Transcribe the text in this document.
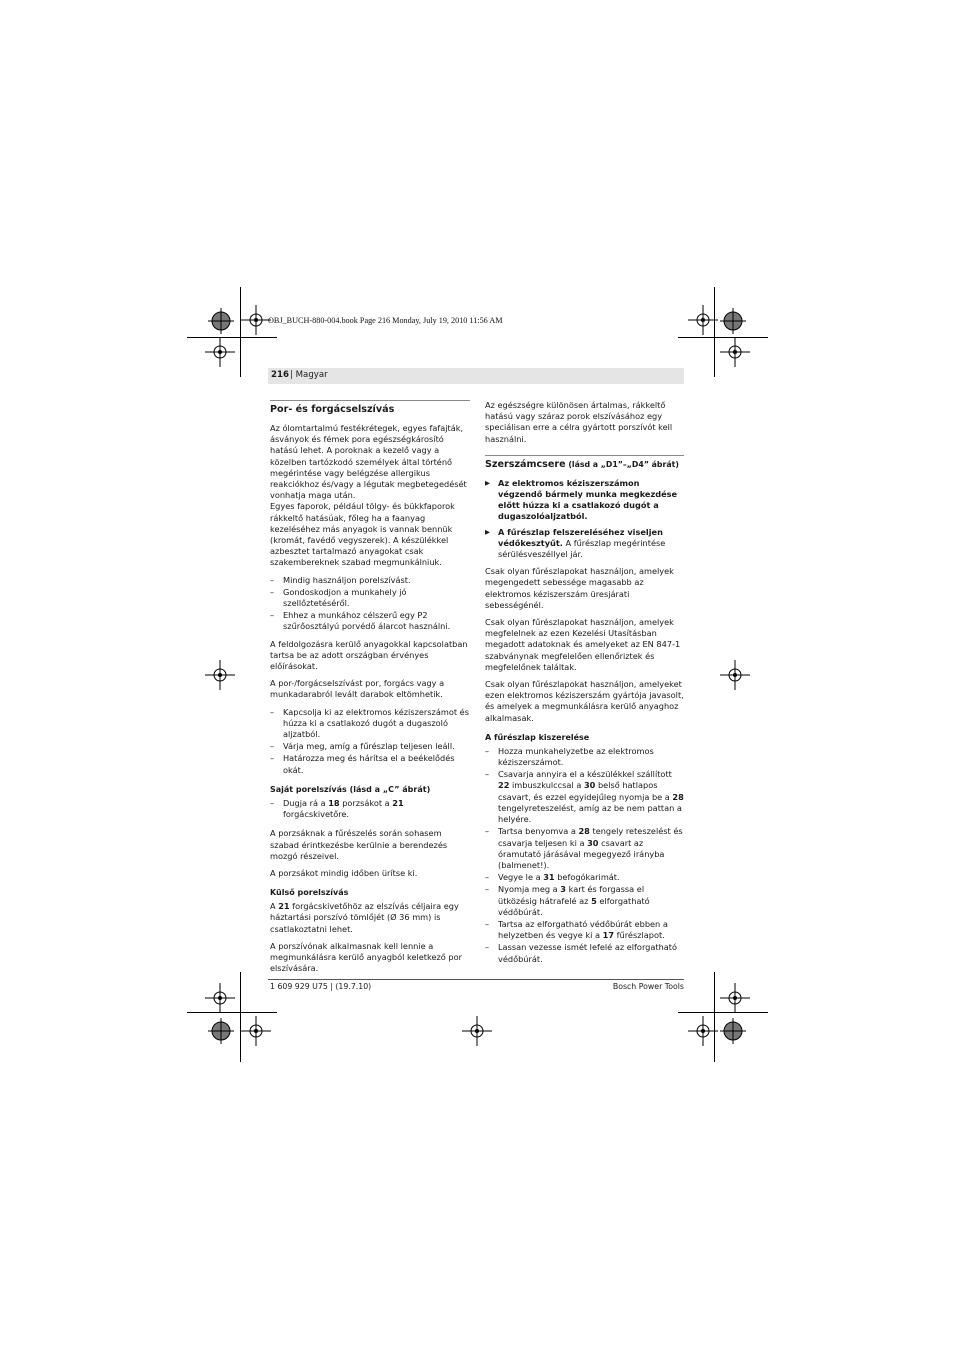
OBJ_BUCH-880-004.book Page 216 Monday, July 19, 2010 11:56 AM
216 | Magyar
Por- és forgácselszívás

Az ólomtartalmú festékrétegek, egyes fafajták, ásványok és fémek pora egészségkárosító hatású lehet. A poroknak a kezelő vagy a közelben tartózkodó személyek által történő megérintése vagy belégzése allergikus reakciókhoz és/vagy a légutak megbetegedését vonhatja maga után.

Egyes faporok, például tölgy- és bükkfaporok rákkeltő hatásúak, főleg ha a faanyag kezeléséhez más anyagok is vannak bennük (kromát, favédő vegyszerek). A készülékkel azbesztet tartalmazó anyagokat csak szakembereknek szabad megmunkálniuk.

– Mindig használjon porelszívást.
– Gondoskodjon a munkahely jó szellőztetéséről.
– Ehhez a munkához célszerű egy P2 szűrőosztályú porvédő álarcot használni.

A feldolgozásra kerülő anyagokkal kapcsolatban tartsa be az adott országban érvényes előírásokat.

A por-/forgácselszívást por, forgács vagy a munkadarabról levált darabok eltömhetik.

– Kapcsolja ki az elektromos kéziszerszámot és húzza ki a csatlakozó dugót a dugaszoló aljzatból.
– Várja meg, amíg a fűrészlap teljesen leáll.
– Határozza meg és hárítsa el a beékelődés okát.
Saját porelszívás (lásd a „C” ábrát)
– Dugja rá a 18 porzsákot a 21 forgácskivetőre.

A porzsáknak a fűrészelés során sohasem szabad érintkezésbe kerülnie a berendezés mozgó részeivel.

A porzsákot mindig időben ürítse ki.

Külső porelszívás

A 21 forgácskivetőhöz az elszívás céljaira egy háztartási porszívó tömlőjét (Ø 36 mm) is csatlakoztatni lehet.

A porszívónak alkalmasnak kell lennie a megmunkálásra kerülő anyagból keletkező por elszívására.

Az egészségre különösen ártalmas, rákkeltő hatású vagy száraz porok elszívásához egy speciálisan erre a célra gyártott porszívót kell használni.

Szerszámcsere (lásd a „D1”–„D4” ábrát)
▶ Az elektromos kéziszerszámon végzendő bármely munka megkezdése előtt húzza ki a csatlakozó dugót a dugaszolóaljzatból.
▶ A fűrészlap felszereléséhez viseljen védőkesztyűt. A fűrészlap megérintése sérülésveszéllyel jár.

Csak olyan fűrészlapokat használjon, amelyek megengedett sebessége magasabb az elektromos kéziszerszám üresjárati sebességénél.

Csak olyan fűrészlapokat használjon, amelyek megfelelnek az ezen Kezelési Utasításban megadott adatoknak és amelyeket az EN 847-1 szabványnak megfelelően ellenőriztek és megfelelőnek találtak.

Csak olyan fűrészlapokat használjon, amelyeket ezen elektromos kéziszerszám gyártója javasolt, és amelyek a megmunkálásra kerülő anyaghoz alkalmasak.

A fűrészlap kiszerelése
– Hozza munkahelyzetbe az elektromos kéziszerszámot.
– Csavarja annyira el a készülékkel szállított 22 imbuszkulccsal a 30 belső hatlapos csavart, és ezzel egyidejűleg nyomja be a 28 tengelyreteszelést, amíg az be nem pattan a helyére.
– Tartsa benyomva a 28 tengely reteszelést és csavarja teljesen ki a 30 csavart az óramutató járásával megegyező irányba (balmenet!).
– Vegye le a 31 befogókarimát.
– Nyomja meg a 3 kart és forgassa el ütközésig hátrafelé az 5 elforgatható védőbúrát.
– Tartsa az elforgatható védőbúrát ebben a helyzetben és vegye ki a 17 fűrészlapot.
– Lassan vezesse ismét lefelé az elforgatható védőbúrát.
1 609 929 U75 | (19.7.10)	Bosch Power Tools
